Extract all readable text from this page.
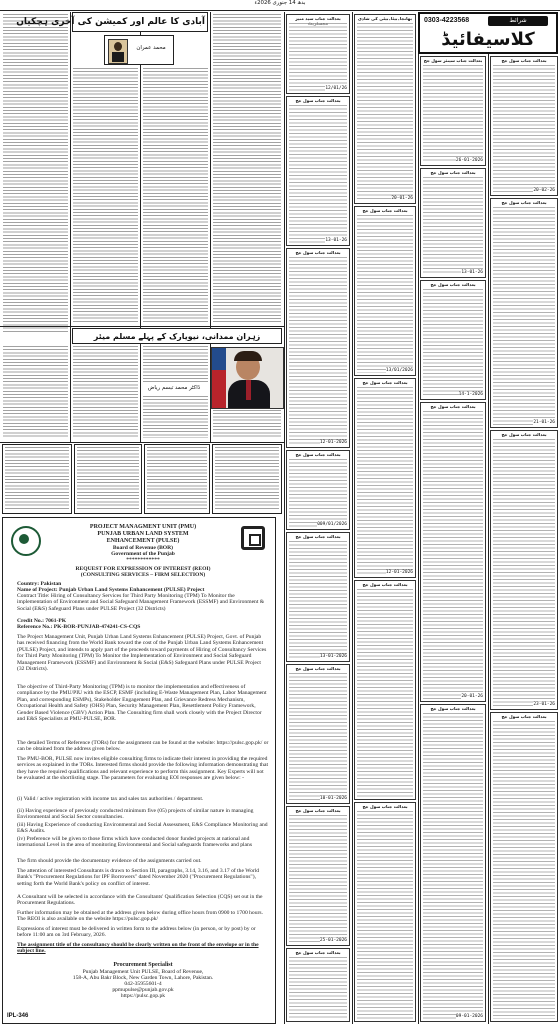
بدھ 14 جنوری 2026ء
آبادی کا عالم اور کمیشن کی آخری ہچکیاں
محمد عمران
زہران ممدانی، نیویارک کے پہلے مسلم میئر
ڈاکٹر محمد تبسم ریاض
PROJECT MANAGMENT UNIT (PMU)
PUNJAB URBAN LAND SYSTEM
ENHANCEMENT (PULSE)
Board of Revenue (BOR)
Government of the Punjab
************
REQUEST FOR EXPRESSION OF INTEREST (REOI)
(CONSULTING SERVICES – FIRM SELECTION)
Country: Pakistan
Name of Project: Punjab Urban Land Systems Enhancement (PULSE) Project
Contract Title: Hiring of Consultancy Services for Third Party Monitoring (TPM) To Monitor the implementation of Environment and Social Safeguard Management Framework (ESSMF) and Environment & Social (E&S) Safeguard Plans under PULSE Project (32 Districts)
Credit No.: 7061-PK
Reference No.: PK-BOR-PUNJAB-474241-CS-CQS
The Project Management Unit, Punjab Urban Land Systems Enhancement (PULSE) Project, Govt. of Punjab has received financing from the World Bank toward the cost of the Punjab Urban Land Systems Enhancement (PULSE) Project, and intends to apply part of the proceeds toward payments of Hiring of Consultancy Services for Third Party Monitoring (TPM) To Monitor the Implementation of Environment and Social Safeguard Management Framework (ESSMF) and Environment & Social (E&S) Safeguard Plans under PULSE Project (32 Districts).
The objective of Third-Party Monitoring (TPM) is to monitor the implementation and effectiveness of compliance by the PMU/PIU with the ESCP, ESMF (including E-Waste Management Plan, Labor Management Plan, and corresponding ESMPs), Stakeholder Engagement Plan, and Grievance Redress Mechanism, Occupational Health and Safety (OHS) Plan, Security Management Plan, Resettlement Policy Framework, Gender Based Violence (GBV) Action Plan. The Consulting firm shall work closely with the Project Director and E&S Specialists at PMU-PULSE, BOR.
The detailed Terms of Reference (TORs) for the assignment can be found at the website: https://pulsc.gop.pk/ or can be obtained from the address given below.
The PMU-BOR, PULSE now invites eligible consulting firms to indicate their interest in providing the required services as explained in the TORs. Interested firms should provide the following information demonstrating that they have the required qualifications and relevant experience to perform this assignment. Key Experts will not be evaluated at the shortlisting stage. The parameters for evaluating EOI responses are given below: -
(i) Valid / active registration with income tax and sales tax authorities / department.
(ii) Having experience of previously conducted minimum five (05) projects of similar nature in managing Environmental and Social Sector consultancies.
(iii) Having Experience of conducting Environmental and Social Assessment, E&S Compliance Monitoring and E&S Audits.
(iv) Preference will be given to those firms which have conducted donor funded projects at national and international Level in the area of monitoring Environmental and Social safeguards frameworks and plans
The firm should provide the documentary evidence of the assignments carried out.
The attention of interested Consultants is drawn to Section III, paragraphs, 3.14, 3.16, and 3.17 of the World Bank's "Procurement Regulations for IPF Borrowers" dated November 2020 ("Procurement Regulations"), setting forth the World Bank's policy on conflict of interest.
A Consultant will be selected in accordance with the Consultants' Qualification Selection (CQS) set out in the Procurement Regulations.
Further information may be obtained at the address given below during office hours from 0900 to 1700 hours. The REOI is also available on the website https://pulsc.gop.pk/
Expressions of interest must be delivered in written form to the address below (in person, or by post) by or before 11:00 am on 3rd February, 2026.
The assignment title of the consultancy should be clearly written on the front of the envelope or in the subject line.
Procurement Specialist
Punjab Management Unit PULSE, Board of Revenue,
158-A, Abu Bakr Block, New Garden Town, Lahore, Pakistan.
042-35955601-4
ppmupulse@punjab.gov.pk
https://pulsc.gop.pk
IPL-346
0303-4223568	شرائط
کلاسیفائیڈ
بعدالت جناب سید منیر
12/01/26
بعدالت جناب سول جج
13-01-26
بعدالت جناب سول جج
12-01-2026
بعدالت جناب سول جج
009/01/2026
بعدالت جناب سول جج
13-01-2026
بعدالت جناب سول جج
10-01-2026
بعدالت جناب سول جج
25-01-2026
بعدالت جناب سول جج
بھانجا۔بیٹا۔بیٹی کی شادی
20-01-26
بعدالت جناب سول جج
13/01/2026
بعدالت جناب سول جج
12-01-2026
بعدالت جناب سول جج
بعدالت جناب سول جج
بعدالت جناب سینئر سول جج
26-01-2026
بعدالت جناب سول جج
13-01-26
بعدالت جناب سول جج
14-1-2026
بعدالت جناب سول جج
20-01-26
بعدالت جناب سول جج
09-01-2026
بعدالت جناب سول جج
20-02-26
بعدالت جناب سول جج
21-01-26
بعدالت جناب سول جج
23-01-26
بعدالت جناب سول جج
